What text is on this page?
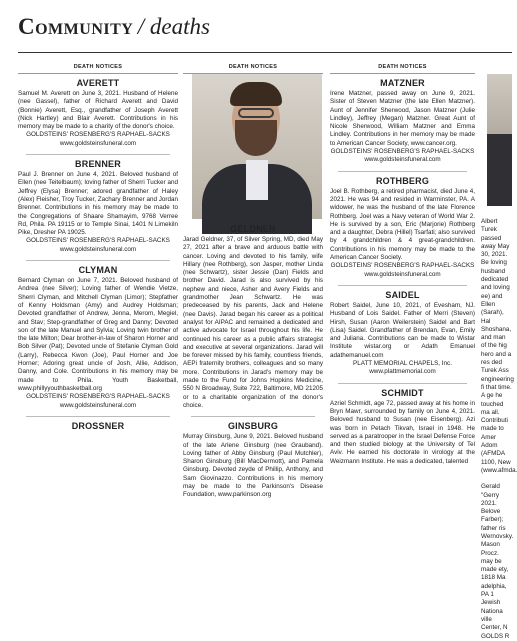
Community / deaths
DEATH NOTICES
AVERETT
Samuel M. Averett on June 3, 2021. Husband of Helene (nee Gassel), father of Richard Averett and David (Bonnie) Averett, Esq., grandfather of Joseph Averett (Nick Hartley) and Blair Averett. Contributions in his memory may be made to a charity of the donor's choice.
GOLDSTEINS' ROSENBERG'S RAPHAEL-SACKS
www.goldsteinsfuneral.com
BRENNER
Paul J. Brenner on June 4, 2021. Beloved husband of Ellen (nee Teitelbaum); loving father of Sherri Tucker and Jeffrey (Elysa) Brenner; adored grandfather of Haley (Alex) Fleisher, Troy Tucker, Zachary Brenner and Jordan Brenner. Contributions in his memory may be made to the Congregations of Shaare Shamayim, 9768 Verree Rd, Phila. PA 19115 or to Temple Sinai, 1401 N Limekiln Pike, Dresher PA 19025.
GOLDSTEINS' ROSENBERG'S RAPHAEL-SACKS
www.goldsteinsfuneral.com
CLYMAN
Bernard Clyman on June 7, 2021. Beloved husband of Andrea (nee Silver); Loving father of Wendie Vietze, Sherri Clyman, and Mitchell Clyman (Limor); Stepfather of Kenny Holdsman (Amy) and Audrey Holdsman; Devoted grandfather of Andrew, Jenna, Merom, Megiel, and Stav; Step-grandfather of Greg and Danny; Devoted son of the late Manuel and Sylvia; Loving twin brother of the late Milton; Dear brother-in-law of Sharon Horner and Bob Silver (Pat); Devoted uncle of Stefanie Clyman Gold (Larry), Rebecca Kwon (Joe), Paul Horner and Joe Horner; Adoring great uncle of Josh, Allie, Addison, Danny, and Cole. Contributions in his memory may be made to Phila. Youth Basketball, www.phillyyouthbasketball.org
GOLDSTEINS' ROSENBERG'S RAPHAEL-SACKS
www.goldsteinsfuneral.com
DROSSNER
DEATH NOTICES
GELDNER
Jarad Geldner, 37, of Silver Spring, MD, died May 27, 2021 after a brave and arduous battle with cancer. Loving and devoted to his family, wife Hillary (nee Rothberg), son Jasper, mother Linda (nee Schwartz), sister Jessie (Dan) Fields and brother David. Jarad is also survived by his nephew and niece, Asher and Avery Fields and grandmother Jean Schwartz. He was predeceased by his parents, Jack and Helene (nee Davis). Jarad began his career as a political analyst for AIPAC and remained a dedicated and active advocate for Israel throughout his life. He continued his career as a public affairs strategist and executive at several organizations. Jarad will be forever missed by his family, countless friends, AEPi fraternity brothers, colleagues and so many more. Contributions in Jarad's memory may be made to the Fund for Johns Hopkins Medicine, 550 N Broadway, Suite 722, Baltimore, MD 21205 or to a charitable organization of the donor's choice.
GINSBURG
Murray Ginsburg, June 9, 2021. Beloved husband of the late Arlene Ginsburg (nee Grauband). Loving father of Abby Ginsburg (Paul Mutchler), Sharon Ginsburg (Bill MacDermott), and Pamela Ginsburg. Devoted zeyde of Phillip, Anthony, and Sam Giovinazzo. Contributions in his memory may be made to the Parkinson's Disease Foundation, www.parkinson.org
DEATH NOTICES
MATZNER
Irene Matzner, passed away on June 9, 2021. Sister of Steven Matzner (the late Ellen Matzner). Aunt of Jennifer Sherwood, Jason Matzner (Julie Lindley), Jeffrey (Megan) Matzner. Great Aunt of Nicole Sherwood, William Matzner and Emma Lindley. Contributions in her memory may be made to American Cancer Society, www.cancer.org.
GOLDSTEINS' ROSENBERG'S RAPHAEL-SACKS
www.goldsteinsfuneral.com
ROTHBERG
Joel B. Rothberg, a retired pharmacist, died June 4, 2021. He was 94 and resided in Warminster, PA. A widower, he was the husband of the late Florence Rothberg. Joel was a Navy veteran of World War 2. He is survived by a son, Eric (Marjorie) Rothberg and a daughter, Debra (Hillel) Tsarfati; also survived by 4 grandchildren & 4 great-grandchildren. Contributions in his memory may be made to the American Cancer Society.
GOLDSTEINS' ROSENBERG'S RAPHAEL-SACKS
www.goldsteinsfuneral.com
SAIDEL
Robert Saidel, June 10, 2021, of Evesham, NJ. Husband of Lois Saidel. Father of Merri (Steven) Hirsh, Susan (Aaron Weilerstein) Saidel and Bart (Lisa) Saidel. Grandfather of Brendan, Evan, Emily and Juliana. Contributions can be made to Wistar Institute wistar.org or Adath Emanuel adathemanuel.com
PLATT MEMORIAL CHAPELS, Inc.
www.plattmemorial.com
SCHMIDT
Azriel Schmidt, age 72, passed away at his home in Bryn Mawr, surrounded by family on June 4, 2021. Beloved husband to Susan (nee Eisenberg). Azi was born in Petach Tikvah, Israel in 1948. He served as a paratrooper in the Israel Defense Force and then studied biology at the University of Tel Aviv. He earned his doctorate in virology at the Weizmann Institute. He was a dedicated, talented
Albert Turek passed away May 30, 2021. Be loving husband dedicated and loving ee) and Ellen (Sarah), Hal Shoshana, and man of the hig hero and a res ded Turek Ass engineering fi that time. A ge he touched ma all. Contributi made to Amer Adom (AFMDA 1100, New (www.afmda.
Gerald "Gerry 2021. Belove Farber); father ris Wernovsky. Mason Procz. may be made ety, 1818 Ma adelphia, PA 1 Jewish Nationa ville Center, N GOLDS R
